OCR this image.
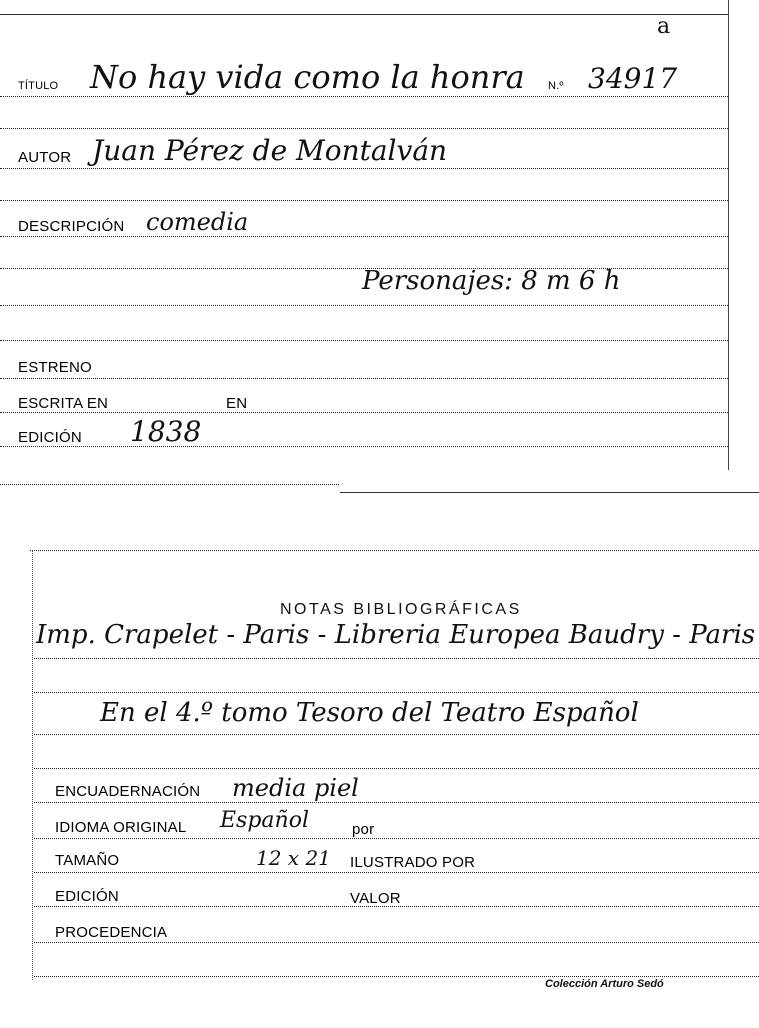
a
TÍTULO No hay vida como la honra N.º 34917
AUTOR Juan Pérez de Montalván
DESCRIPCIÓN comedia
Personajes: 8 m 6 h
ESTRENO
ESCRITA EN	EN
EDICIÓN 1838
NOTAS BIBLIOGRÁFICAS
Imp. Crapelet - Paris - Libreria Europea Baudry - Paris
En el 4.º tomo Tesoro del Teatro Español
ENCUADERNACIÓN media piel
IDIOMA ORIGINAL Español	por
TAMAÑO	12 x 21 ILUSTRADO POR
EDICIÓN	VALOR
PROCEDENCIA
Colección Arturo Sedó
